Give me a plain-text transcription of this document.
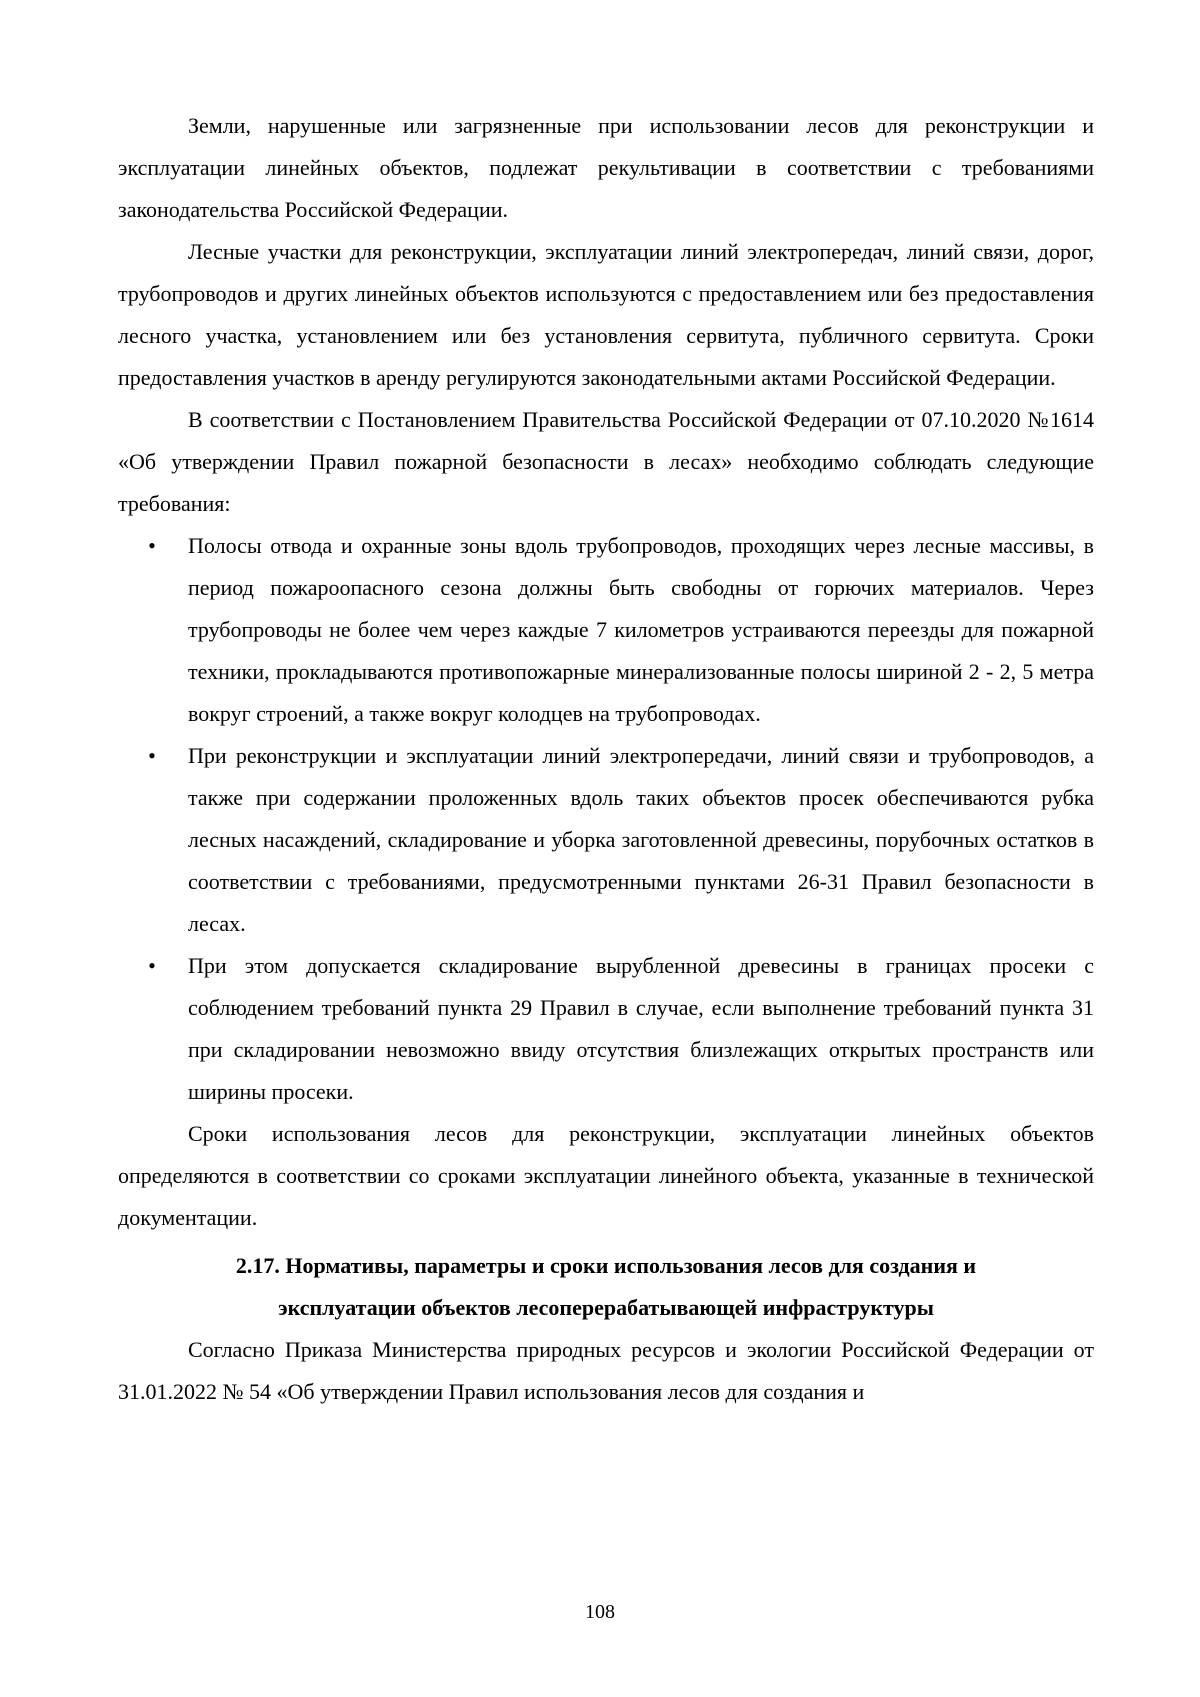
Земли, нарушенные или загрязненные при использовании лесов для реконструкции и эксплуатации линейных объектов, подлежат рекультивации в соответствии с требованиями законодательства Российской Федерации.

Лесные участки для реконструкции, эксплуатации линий электропередач, линий связи, дорог, трубопроводов и других линейных объектов используются с предоставлением или без предоставления лесного участка, установлением или без установления сервитута, публичного сервитута. Сроки предоставления участков в аренду регулируются законодательными актами Российской Федерации.

В соответствии с Постановлением Правительства Российской Федерации от 07.10.2020 №1614 «Об утверждении Правил пожарной безопасности в лесах» необходимо соблюдать следующие требования:

• Полосы отвода и охранные зоны вдоль трубопроводов, проходящих через лесные массивы, в период пожароопасного сезона должны быть свободны от горючих материалов. Через трубопроводы не более чем через каждые 7 километров устраиваются переезды для пожарной техники, прокладываются противопожарные минерализованные полосы шириной 2 - 2, 5 метра вокруг строений, а также вокруг колодцев на трубопроводах.
• При реконструкции и эксплуатации линий электропередачи, линий связи и трубопроводов, а также при содержании проложенных вдоль таких объектов просек обеспечиваются рубка лесных насаждений, складирование и уборка заготовленной древесины, порубочных остатков в соответствии с требованиями, предусмотренными пунктами 26-31 Правил безопасности в лесах.
• При этом допускается складирование вырубленной древесины в границах просеки с соблюдением требований пункта 29 Правил в случае, если выполнение требований пункта 31 при складировании невозможно ввиду отсутствия близлежащих открытых пространств или ширины просеки.

Сроки использования лесов для реконструкции, эксплуатации линейных объектов определяются в соответствии со сроками эксплуатации линейного объекта, указанные в технической документации.

2.17. Нормативы, параметры и сроки использования лесов для создания и
эксплуатации объектов лесоперерабатывающей инфраструктуры

Согласно Приказа Министерства природных ресурсов и экологии Российской Федерации от 31.01.2022 № 54 «Об утверждении Правил использования лесов для создания и

108
